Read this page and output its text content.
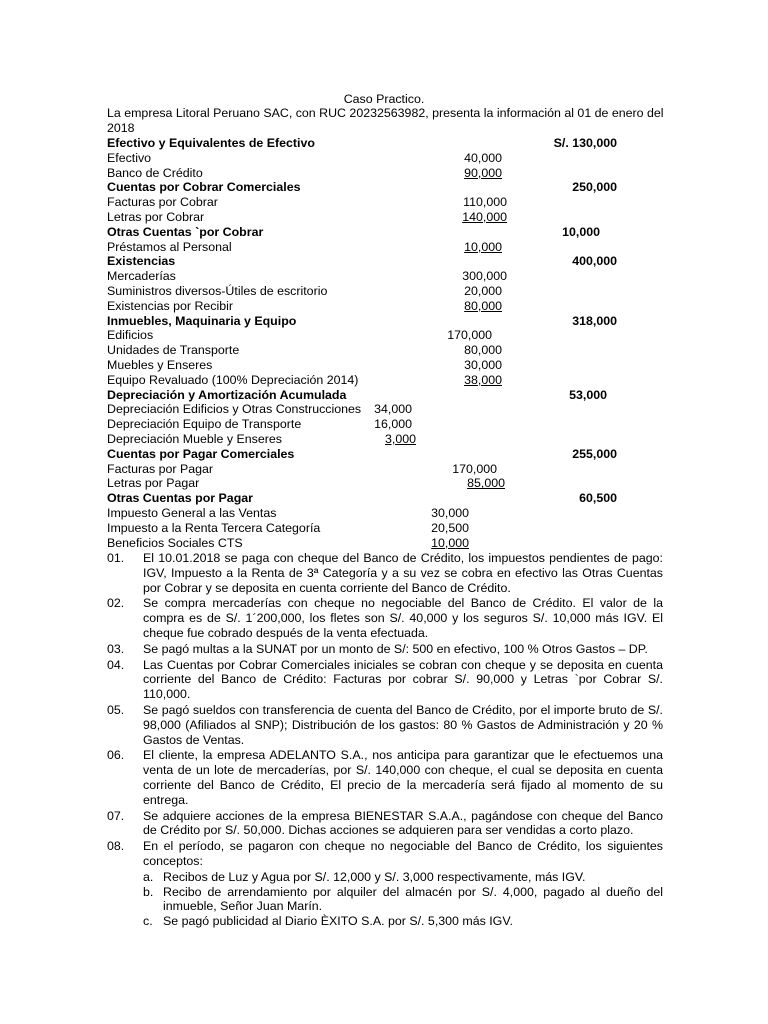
Caso Practico.
La empresa Litoral Peruano SAC, con RUC 20232563982, presenta la información al 01 de enero del 2018
Efectivo y Equivalentes de Efectivo	S/. 130,000
Efectivo	40,000
Banco de Crédito	90,000
Cuentas por Cobrar Comerciales	250,000
Facturas por Cobrar	110,000
Letras por Cobrar	140,000
Otras Cuentas `por Cobrar	10,000
Préstamos al Personal	10,000
Existencias	400,000
Mercaderías	300,000
Suministros diversos-Útiles de escritorio	20,000
Existencias por Recibir	80,000
Inmuebles, Maquinaria y Equipo	318,000
Edificios	170,000
Unidades de Transporte	80,000
Muebles y Enseres	30,000
Equipo Revaluado (100% Depreciación 2014)	38,000
Depreciación y Amortización Acumulada	53,000
Depreciación Edificios y Otras Construcciones 34,000
Depreciación Equipo de Transporte	16,000
Depreciación Mueble y Enseres	3,000
Cuentas por Pagar Comerciales	255,000
Facturas por Pagar	170,000
Letras por Pagar	85,000
Otras Cuentas por Pagar	60,500
Impuesto General a las Ventas	30,000
Impuesto a la Renta Tercera Categoría	20,500
Beneficios Sociales CTS	10,000
01.	El 10.01.2018 se paga con cheque del Banco de Crédito, los impuestos pendientes de pago: IGV, Impuesto a la Renta de 3ª Categoría y a su vez se cobra en efectivo las Otras Cuentas por Cobrar y se deposita en cuenta corriente del Banco de Crédito.
02.	Se compra mercaderías con cheque no negociable del Banco de Crédito. El valor de la compra es de S/. 1´200,000, los fletes son S/. 40,000 y los seguros S/. 10,000 más IGV. El cheque fue cobrado después de la venta efectuada.
03.	Se pagó multas a la SUNAT por un monto de S/: 500 en efectivo, 100 % Otros Gastos – DP.
04.	Las Cuentas por Cobrar Comerciales iniciales se cobran con cheque y se deposita en cuenta corriente del Banco de Crédito: Facturas por cobrar S/. 90,000 y Letras `por Cobrar S/. 110,000.
05.	Se pagó sueldos con transferencia de cuenta del Banco de Crédito, por el importe bruto de S/. 98,000 (Afiliados al SNP); Distribución de los gastos: 80 % Gastos de Administración y 20 % Gastos de Ventas.
06.	El cliente, la empresa ADELANTO S.A., nos anticipa para garantizar que le efectuemos una venta de un lote de mercaderías, por S/. 140,000 con cheque, el cual se deposita en cuenta corriente del Banco de Crédito, El precio de la mercadería será fijado al momento de su entrega.
07.	Se adquiere acciones de la empresa BIENESTAR S.A.A., pagándose con cheque del Banco de Crédito por S/. 50,000. Dichas acciones se adquieren para ser vendidas a corto plazo.
08.	En el período, se pagaron con cheque no negociable del Banco de Crédito, los siguientes conceptos:
a. Recibos de Luz y Agua por S/. 12,000 y S/. 3,000 respectivamente, más IGV.
b. Recibo de arrendamiento por alquiler del almacén por S/. 4,000, pagado al dueño del inmueble, Señor Juan Marín.
c. Se pagó publicidad al Diario ÈXITO S.A. por S/. 5,300 más IGV.
